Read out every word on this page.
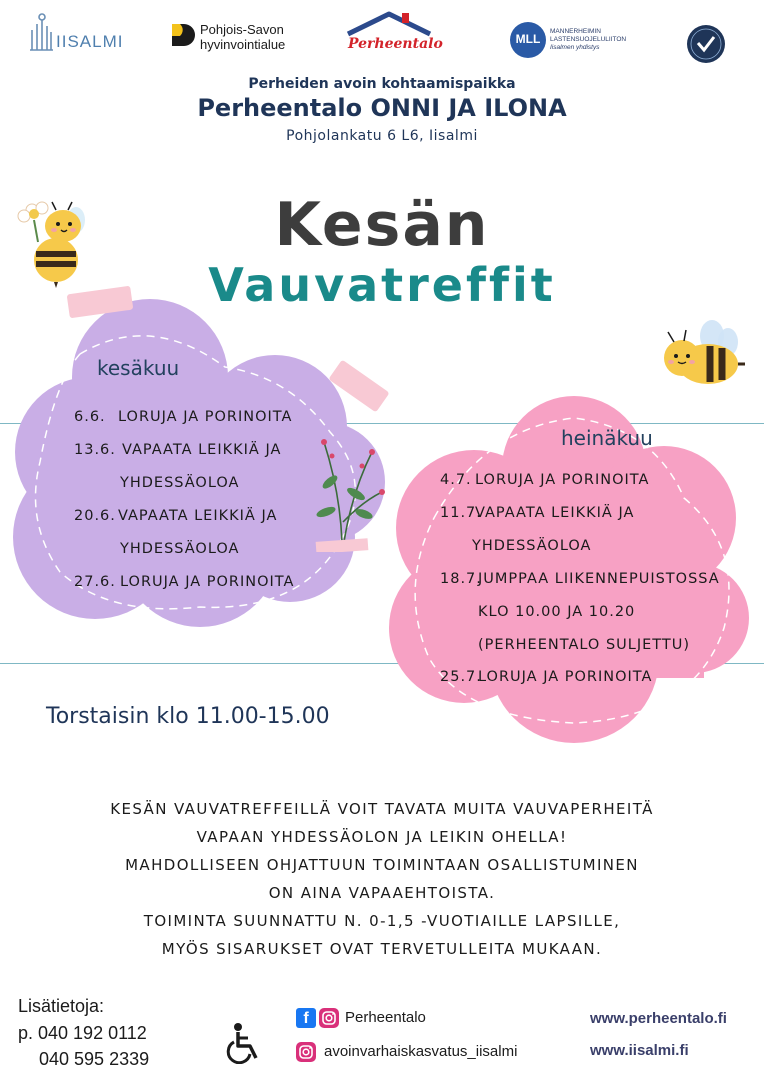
IISALMI
Pohjois-Savon
hyvinvointialue	Perheentalo	MLL
MANNERHEIMIN
LASTENSUOJELULIITON
Iisalmen yhdistys
Perheiden avoin kohtaamispaikka
Perheentalo ONNI JA ILONA
Pohjolankatu 6 L6, Iisalmi
Kesän
Vauvatreffit
kesäkuu
6.6. LORUJA JA PORINOITA
13.6. VAPAATA LEIKKIÄ JA
YHDESSÄOLOA
20.6. VAPAATA LEIKKIÄ JA
YHDESSÄOLOA
27.6. LORUJA JA PORINOITA
heinäkuu
4.7. LORUJA JA PORINOITA
11.7.VAPAATA LEIKKIÄ JA
YHDESSÄOLOA
18.7.JUMPPAA LIIKENNEPUISTOSSA
KLO 10.00 JA 10.20
(PERHEENTALO SULJETTU)
25.7.LORUJA JA PORINOITA
Torstaisin klo 11.00-15.00
KESÄN VAUVATREFFEILLÄ VOIT TAVATA MUITA VAUVAPERHEITÄ
VAPAAN YHDESSÄOLON JA LEIKIN OHELLA!
MAHDOLLISEEN OHJATTUUN TOIMINTAAN OSALLISTUMINEN
ON AINA VAPAAEHTOISTA.
TOIMINTA SUUNNATTU N. 0-1,5 -VUOTIAILLE LAPSILLE,
MYÖS SISARUKSET OVAT TERVETULLEITA MUKAAN.
Lisätietoja:
p. 040 192 0112
040 595 2339
f	Perheentalo
avoinvarhaiskasvatus_iisalmi
www.perheentalo.fi
www.iisalmi.fi
